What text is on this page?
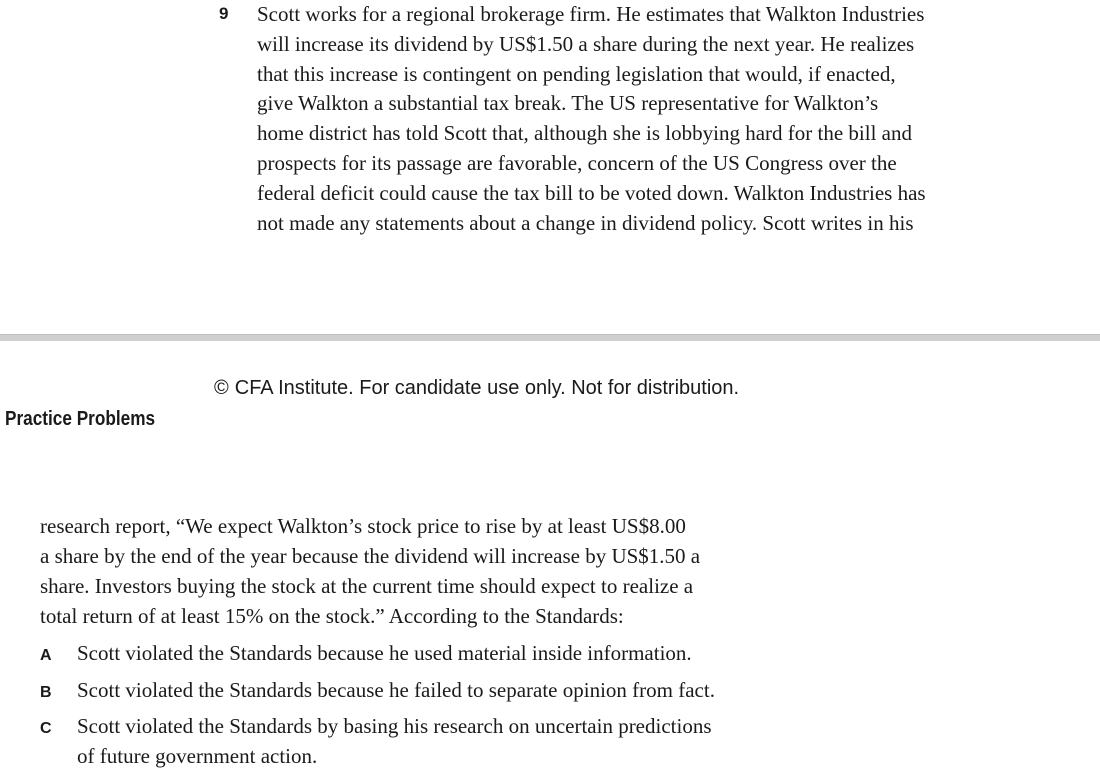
9 Scott works for a regional brokerage firm. He estimates that Walkton Industries
will increase its dividend by US$1.50 a share during the next year. He realizes
that this increase is contingent on pending legislation that would, if enacted,
give Walkton a substantial tax break. The US representative for Walkton’s
home district has told Scott that, although she is lobbying hard for the bill and
prospects for its passage are favorable, concern of the US Congress over the
federal deficit could cause the tax bill to be voted down. Walkton Industries has
not made any statements about a change in dividend policy. Scott writes in his
© CFA Institute. For candidate use only. Not for distribution.
Practice Problems
research report, “We expect Walkton’s stock price to rise by at least US$8.00
a share by the end of the year because the dividend will increase by US$1.50 a
share. Investors buying the stock at the current time should expect to realize a
total return of at least 15% on the stock.” According to the Standards:
A Scott violated the Standards because he used material inside information.
B Scott violated the Standards because he failed to separate opinion from fact.
C Scott violated the Standards by basing his research on uncertain predictions
of future government action.
